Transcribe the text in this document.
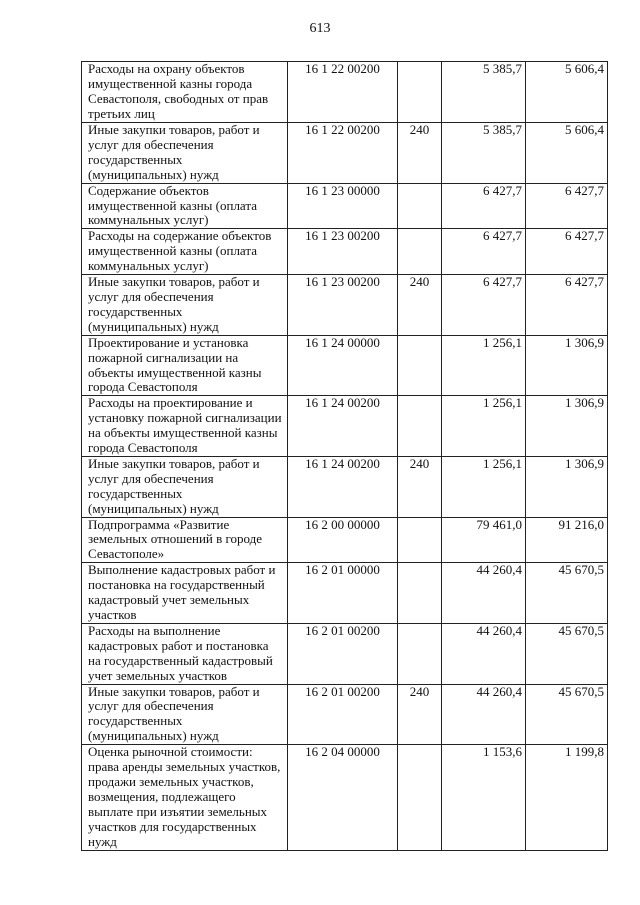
613
Расходы на охрану объектов имущественной казны города Севастополя, свободных от прав третьих лиц	16 1 22 00200		5 385,7	5 606,4
Иные закупки товаров, работ и услуг для обеспечения государственных (муниципальных) нужд	16 1 22 00200	240	5 385,7	5 606,4
Содержание объектов имущественной казны (оплата коммунальных услуг)	16 1 23 00000		6 427,7	6 427,7
Расходы на содержание объектов имущественной казны (оплата коммунальных услуг)	16 1 23 00200		6 427,7	6 427,7
Иные закупки товаров, работ и услуг для обеспечения государственных (муниципальных) нужд	16 1 23 00200	240	6 427,7	6 427,7
Проектирование и установка пожарной сигнализации на объекты имущественной казны города Севастополя	16 1 24 00000		1 256,1	1 306,9
Расходы на проектирование и установку пожарной сигнализации на объекты имущественной казны города Севастополя	16 1 24 00200		1 256,1	1 306,9
Иные закупки товаров, работ и услуг для обеспечения государственных (муниципальных) нужд	16 1 24 00200	240	1 256,1	1 306,9
Подпрограмма «Развитие земельных отношений в городе Севастополе»	16 2 00 00000		79 461,0	91 216,0
Выполнение кадастровых работ и постановка на государственный кадастровый учет земельных участков	16 2 01 00000		44 260,4	45 670,5
Расходы на выполнение кадастровых работ и постановка на государственный кадастровый учет земельных участков	16 2 01 00200		44 260,4	45 670,5
Иные закупки товаров, работ и услуг для обеспечения государственных (муниципальных) нужд	16 2 01 00200	240	44 260,4	45 670,5
Оценка рыночной стоимости: права аренды земельных участков, продажи земельных участков, возмещения, подлежащего выплате при изъятии земельных участков для государственных нужд	16 2 04 00000		1 153,6	1 199,8
